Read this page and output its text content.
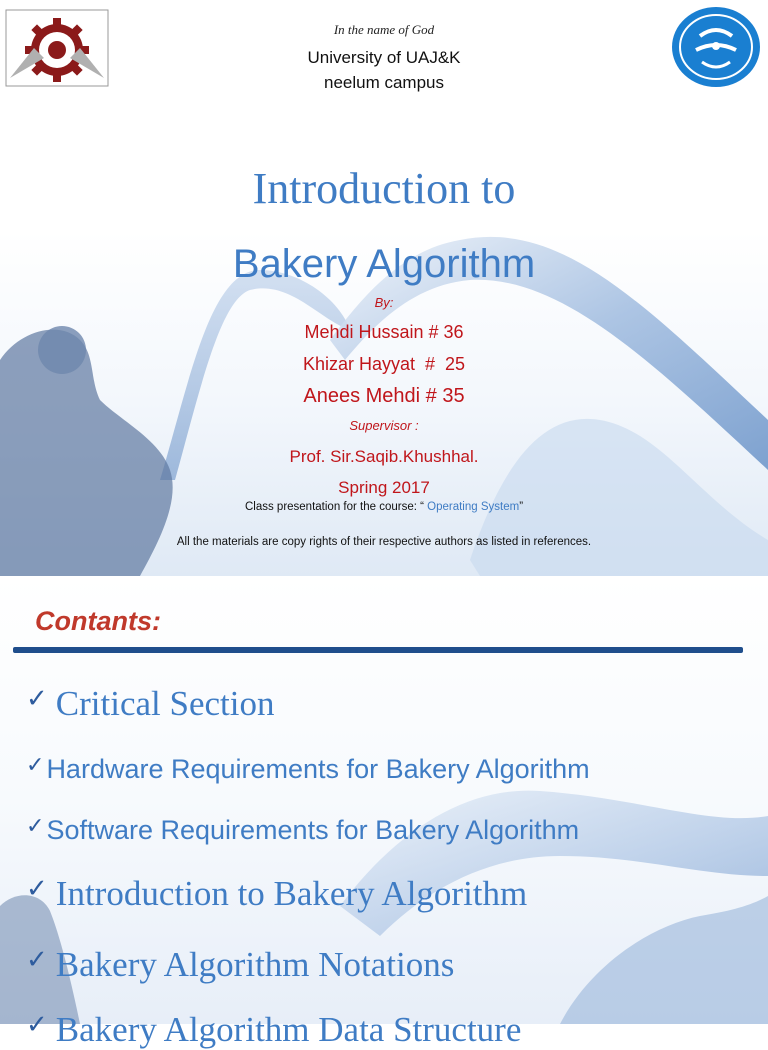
In the name of God
University of UAJ&K
neelum campus
Introduction to
Bakery Algorithm
By:
Mehdi Hussain # 36
Khizar Hayyat  #  25
Anees Mehdi # 35
Supervisor :
Prof. Sir.Saqib.Khushhal.
Spring 2017
Class presentation for the course: “ Operating System”
All the materials are copy rights of their respective authors as listed in references.
Contants:
✓ Critical Section
✓Hardware Requirements for Bakery Algorithm
✓Software Requirements for Bakery Algorithm
✓ Introduction to Bakery Algorithm
✓ Bakery Algorithm Notations
✓ Bakery Algorithm Data Structure
